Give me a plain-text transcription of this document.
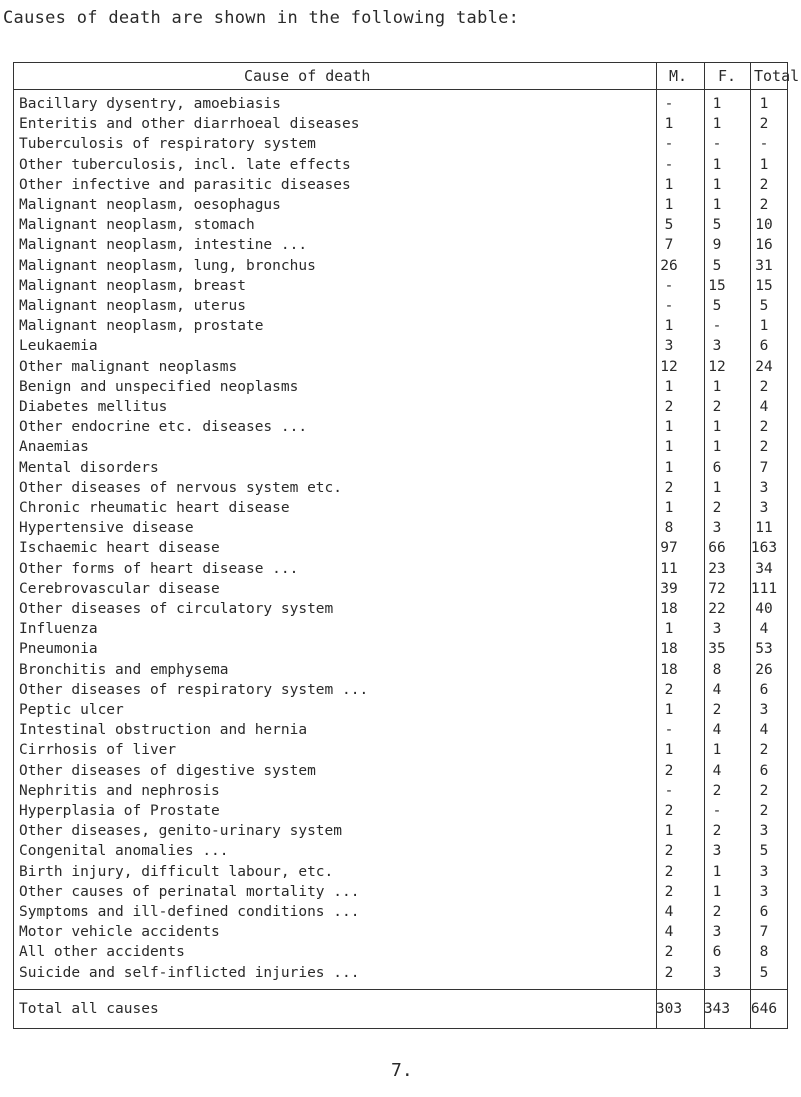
Causes of death are shown in the following table:
Cause of death	M. F. Total
Bacillary dysentry, amoebiasis	-	1	1
Enteritis and other diarrhoeal diseases	1	1	2
Tuberculosis of respiratory system	-	-	-
Other tuberculosis, incl. late effects	-	1	1
Other infective and parasitic diseases	1	1	2
Malignant neoplasm, oesophagus	1	1	2
Malignant neoplasm, stomach	5	5	10
Malignant neoplasm, intestine ...	7	9	16
Malignant neoplasm, lung, bronchus	26	5	31
Malignant neoplasm, breast	-	15	15
Malignant neoplasm, uterus	-	5	5
Malignant neoplasm, prostate	1	-	1
Leukaemia	3	3	6
Other malignant neoplasms	12	12	24
Benign and unspecified neoplasms	1	1	2
Diabetes mellitus	2	2	4
Other endocrine etc. diseases ...	1	1	2
Anaemias	1	1	2
Mental disorders	1	6	7
Other diseases of nervous system etc.	2	1	3
Chronic rheumatic heart disease	1	2	3
Hypertensive disease	8	3	11
Ischaemic heart disease	97	66	163
Other forms of heart disease ...	11	23	34
Cerebrovascular disease	39	72	111
Other diseases of circulatory system	18	22	40
Influenza	1	3	4
Pneumonia	18	35	53
Bronchitis and emphysema	18	8	26
Other diseases of respiratory system ...	2	4	6
Peptic ulcer	1	2	3
Intestinal obstruction and hernia	-	4	4
Cirrhosis of liver	1	1	2
Other diseases of digestive system	2	4	6
Nephritis and nephrosis	-	2	2
Hyperplasia of Prostate	2	-	2
Other diseases, genito-urinary system	1	2	3
Congenital anomalies ...	2	3	5
Birth injury, difficult labour, etc.	2	1	3
Other causes of perinatal mortality ...	2	1	3
Symptoms and ill-defined conditions ...	4	2	6
Motor vehicle accidents	4	3	7
All other accidents	2	6	8
Suicide and self-inflicted injuries ...	2	3	5
Total all causes	303	343	646
7.
